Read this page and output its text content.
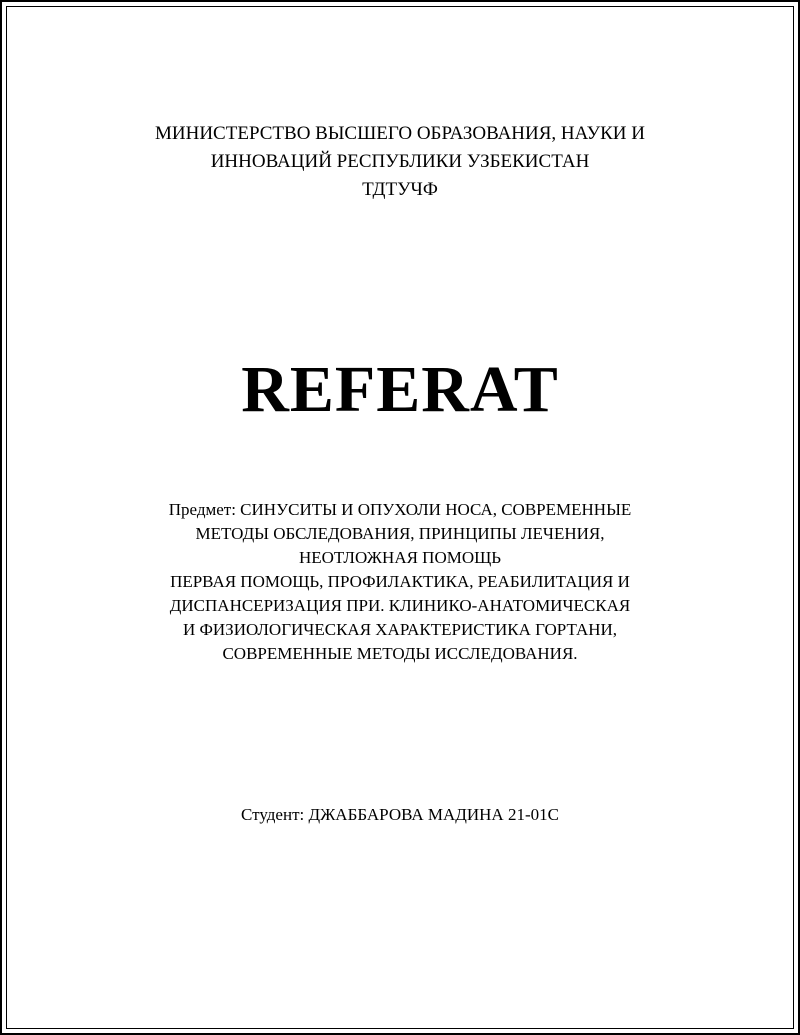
МИНИСТЕРСТВО ВЫСШЕГО ОБРАЗОВАНИЯ, НАУКИ И
ИННОВАЦИЙ РЕСПУБЛИКИ УЗБЕКИСТАН
ТДТУЧФ
REFERAT
Предмет: СИНУСИТЫ И ОПУХОЛИ НОСА, СОВРЕМЕННЫЕ
МЕТОДЫ ОБСЛЕДОВАНИЯ, ПРИНЦИПЫ ЛЕЧЕНИЯ,
НЕОТЛОЖНАЯ ПОМОЩЬ
ПЕРВАЯ ПОМОЩЬ, ПРОФИЛАКТИКА, РЕАБИЛИТАЦИЯ И
ДИСПАНСЕРИЗАЦИЯ ПРИ. КЛИНИКО-АНАТОМИЧЕСКАЯ
И ФИЗИОЛОГИЧЕСКАЯ ХАРАКТЕРИСТИКА ГОРТАНИ,
СОВРЕМЕННЫЕ МЕТОДЫ ИССЛЕДОВАНИЯ.
Студент: ДЖАББАРОВА МАДИНА 21-01С
